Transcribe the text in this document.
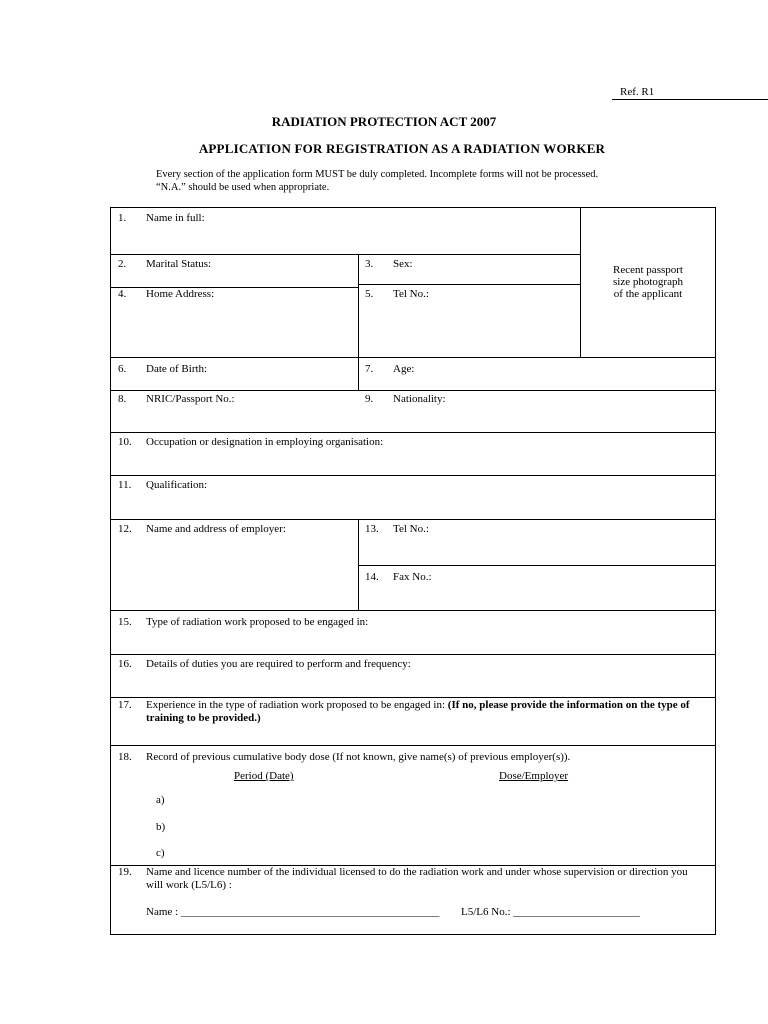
Ref. R1
RADIATION PROTECTION ACT 2007
APPLICATION FOR REGISTRATION AS A RADIATION WORKER
Every section of the application form MUST be duly completed. Incomplete forms will not be processed.
“N.A.” should be used when appropriate.
Recent passport
size photograph
of the applicant
1. Name in full:
2. Marital Status:	3. Sex:
4. Home Address:	5. Tel No.:
6. Date of Birth:	7. Age:
8. NRIC/Passport No.:	9. Nationality:
10. Occupation or designation in employing organisation:
11. Qualification:
12. Name and address of employer:	13. Tel No.:
14. Fax No.:
15. Type of radiation work proposed to be engaged in:
16. Details of duties you are required to perform and frequency:
17. Experience in the type of radiation work proposed to be engaged in: (If no, please provide the information on the type of training to be provided.)
18. Record of previous cumulative body dose (If not known, give name(s) of previous employer(s)).
Period (Date)	Dose/Employer
a)
b)
c)
19. Name and licence number of the individual licensed to do the radiation work and under whose supervision or direction you will work (L5/L6) :
Name : _______________________________________________ L5/L6 No.: _______________________
